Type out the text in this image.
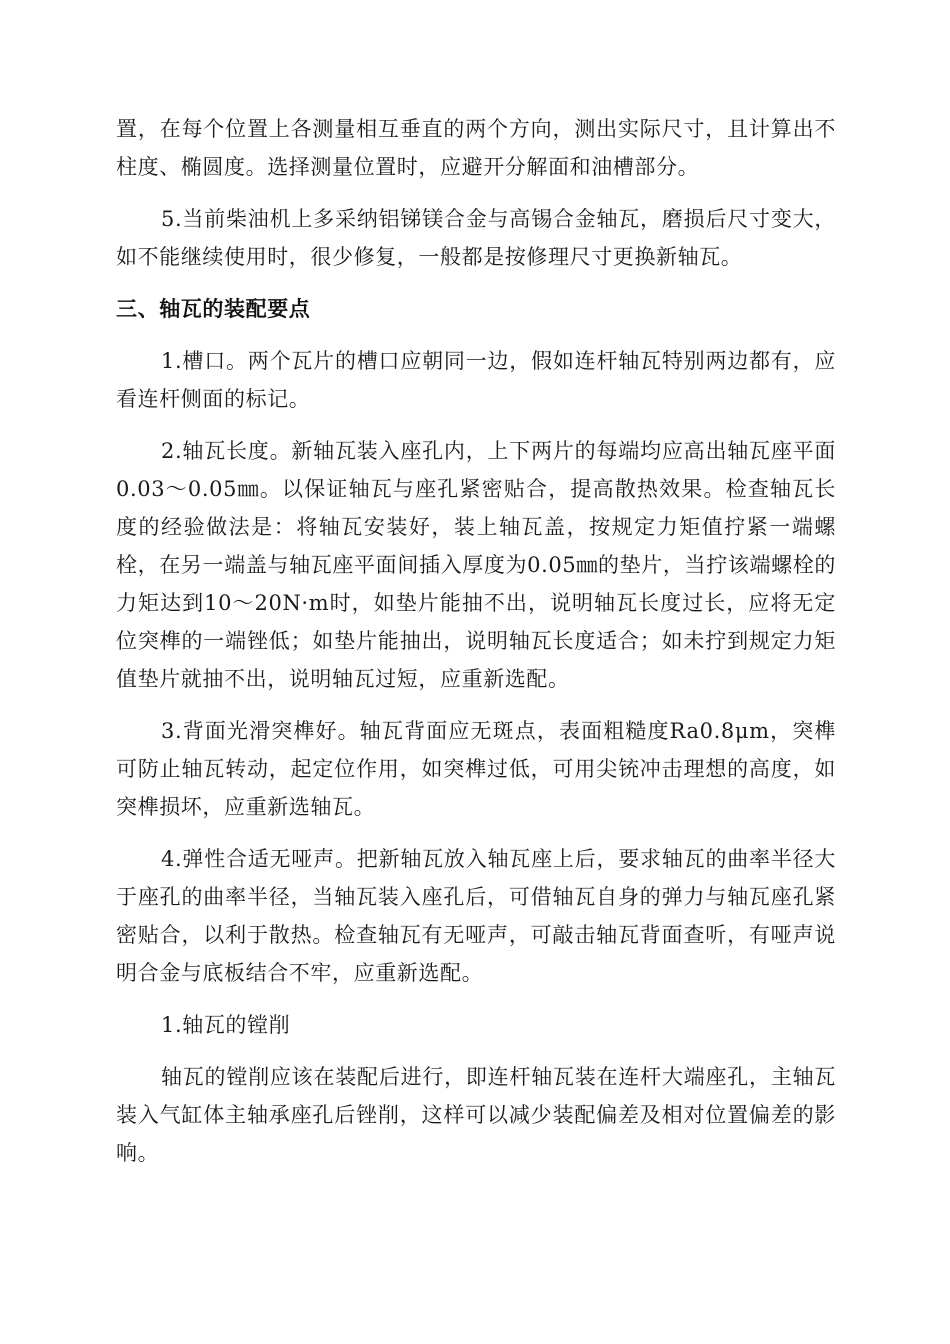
置，在每个位置上各测量相互垂直的两个方向，测出实际尺寸，且计算出不柱度、椭圆度。选择测量位置时，应避开分解面和油槽部分。

5.当前柴油机上多采纳铝锑镁合金与高锡合金轴瓦，磨损后尺寸变大，如不能继续使用时，很少修复，一般都是按修理尺寸更换新轴瓦。

三、轴瓦的装配要点

1.槽口。两个瓦片的槽口应朝同一边，假如连杆轴瓦特别两边都有，应看连杆侧面的标记。

2.轴瓦长度。新轴瓦装入座孔内，上下两片的每端均应高出轴瓦座平面0.03～0.05㎜。以保证轴瓦与座孔紧密贴合，提高散热效果。检查轴瓦长度的经验做法是：将轴瓦安装好，装上轴瓦盖，按规定力矩值拧紧一端螺栓，在另一端盖与轴瓦座平面间插入厚度为0.05㎜的垫片，当拧该端螺栓的力矩达到10～20N·m时，如垫片能抽不出，说明轴瓦长度过长，应将无定位突榫的一端锉低；如垫片能抽出，说明轴瓦长度适合；如未拧到规定力矩值垫片就抽不出，说明轴瓦过短，应重新选配。

3.背面光滑突榫好。轴瓦背面应无斑点，表面粗糙度Ra0.8μm，突榫可防止轴瓦转动，起定位作用，如突榫过低，可用尖铳冲击理想的高度，如突榫损坏，应重新选轴瓦。

4.弹性合适无哑声。把新轴瓦放入轴瓦座上后，要求轴瓦的曲率半径大于座孔的曲率半径，当轴瓦装入座孔后，可借轴瓦自身的弹力与轴瓦座孔紧密贴合，以利于散热。检查轴瓦有无哑声，可敲击轴瓦背面查听，有哑声说明合金与底板结合不牢，应重新选配。

1.轴瓦的镗削

轴瓦的镗削应该在装配后进行，即连杆轴瓦装在连杆大端座孔，主轴瓦装入气缸体主轴承座孔后锉削，这样可以减少装配偏差及相对位置偏差的影响。
